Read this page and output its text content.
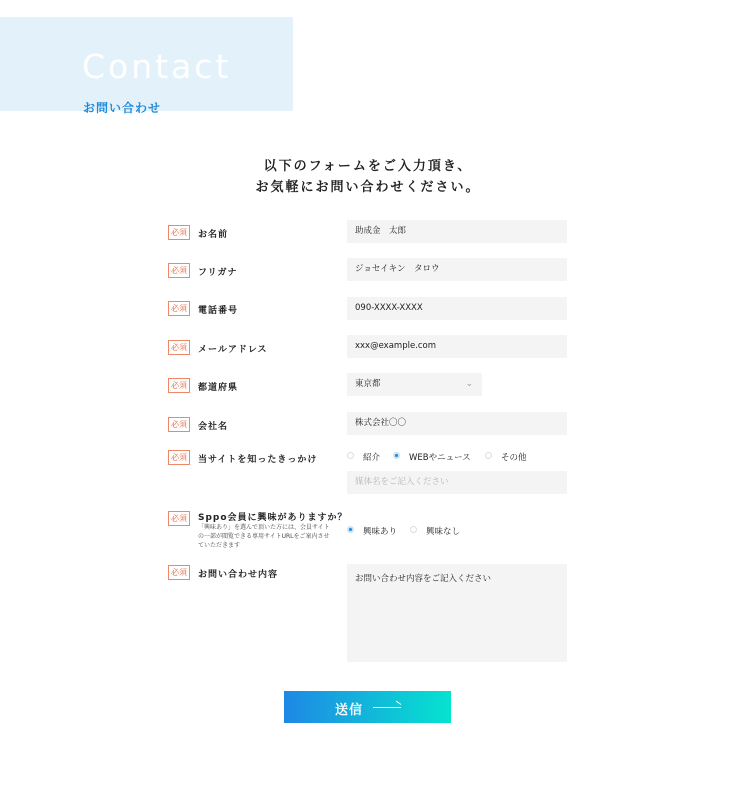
Contact
お問い合わせ
以下のフォームをご入力頂き、
お気軽にお問い合わせください。
必須	お名前	助成金　太郎
必須	フリガナ	ジョセイキン　タロウ
必須	電話番号	090-XXXX-XXXX
必須	メールアドレス	xxx@example.com
必須	都道府県	東京都	⌄
必須	会社名	株式会社〇〇
必須	当サイトを知ったきっかけ	紹介	WEBやニュース	その他
媒体名をご記入ください
必須	Sppo会員に興味がありますか？
「興味あり」を選んで頂いた方には、会員サイトの一部が閲覧できる専用サイトURLをご案内させていただきます
興味あり	興味なし
必須	お問い合わせ内容	お問い合わせ内容をご記入ください
送信
